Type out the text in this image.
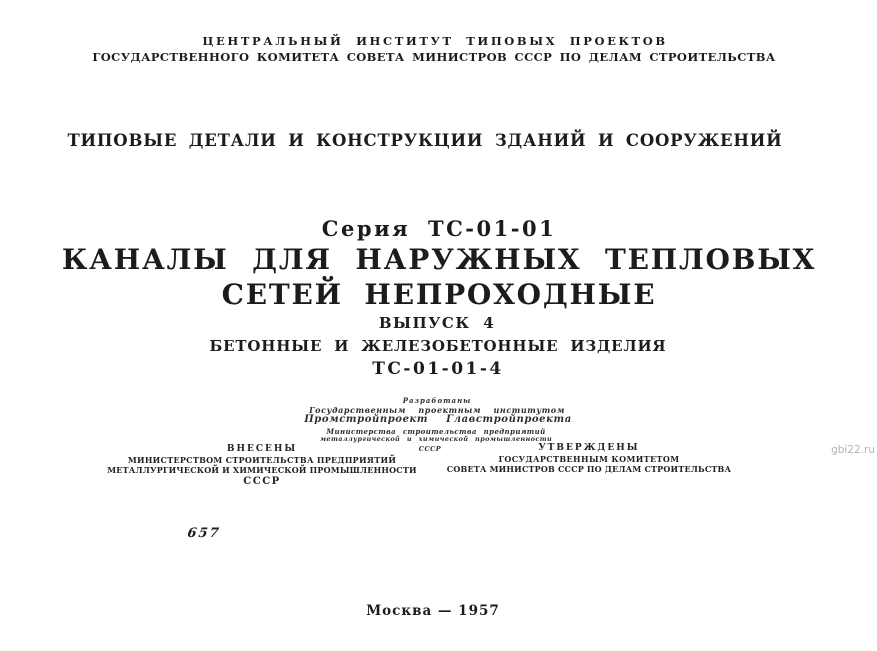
ЦЕНТРАЛЬНЫЙ ИНСТИТУТ ТИПОВЫХ ПРОЕКТОВ
ГОСУДАРСТВЕННОГО КОМИТЕТА СОВЕТА МИНИСТРОВ СССР ПО ДЕЛАМ СТРОИТЕЛЬСТВА
ТИПОВЫЕ ДЕТАЛИ И КОНСТРУКЦИИ ЗДАНИЙ И СООРУЖЕНИЙ
Серия ТС-01-01
КАНАЛЫ ДЛЯ НАРУЖНЫХ ТЕПЛОВЫХ
СЕТЕЙ НЕПРОХОДНЫЕ
ВЫПУСК 4
БЕТОННЫЕ И ЖЕЛЕЗОБЕТОННЫЕ ИЗДЕЛИЯ
ТС-01-01-4
Разработаны
Государственным проектным институтом
Промстройпроект Главстройпроекта
Министерства строительства предприятий
металлургической и химической промышленности
СССР
ВНЕСЕНЫ
МИНИСТЕРСТВОМ СТРОИТЕЛЬСТВА ПРЕДПРИЯТИЙ
МЕТАЛЛУРГИЧЕСКОЙ И ХИМИЧЕСКОЙ ПРОМЫШЛЕННОСТИ
СССР
УТВЕРЖДЕНЫ
ГОСУДАРСТВЕННЫМ КОМИТЕТОМ
СОВЕТА МИНИСТРОВ СССР ПО ДЕЛАМ СТРОИТЕЛЬСТВА
657
Москва — 1957
gbi22.ru
